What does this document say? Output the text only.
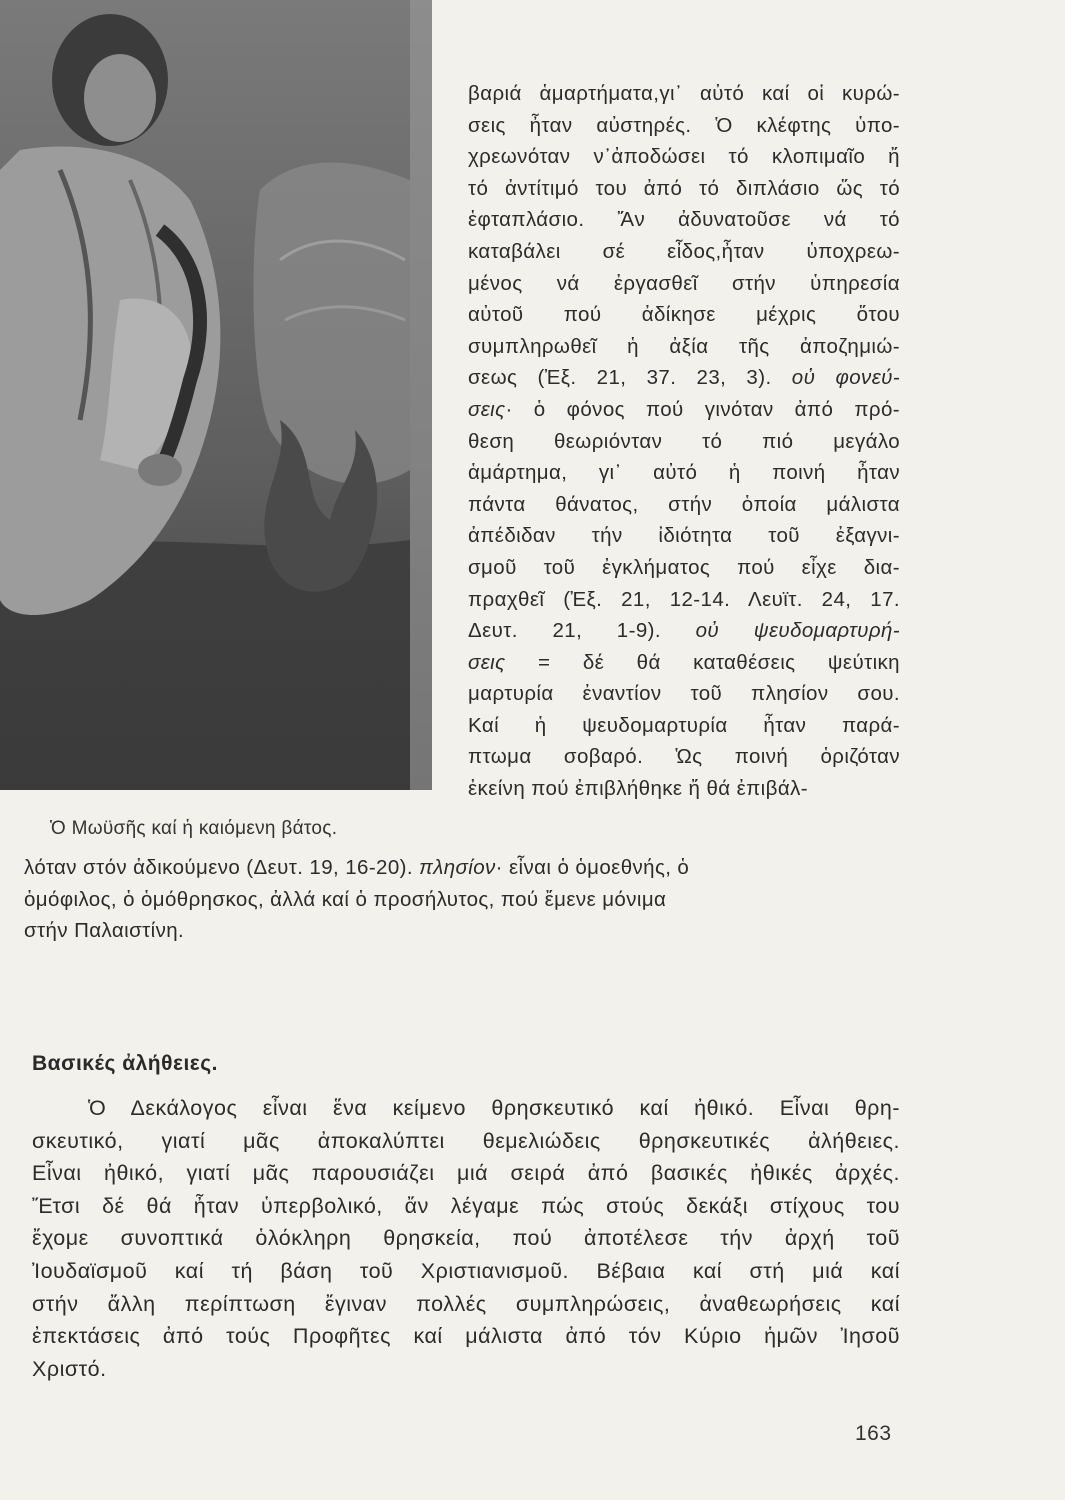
Ὁ Μωϋσῆς καί ἡ καιόμενη βάτος.
βαριά ἁμαρτήματα,γι᾽ αὐτό καί οἱ κυρώ-
σεις ἦταν αὐστηρές. Ὁ κλέφτης ὑπο-
χρεωνόταν ν᾽ἀποδώσει τό κλοπιμαῖο ἤ
τό ἀντίτιμό του ἀπό τό διπλάσιο ὥς τό
ἑφταπλάσιο. Ἄν ἀδυνατοῦσε νά τό
καταβάλει σέ εἶδος,ἦταν ὑποχρεω-
μένος νά ἐργασθεῖ στήν ὑπηρεσία
αὐτοῦ πού ἀδίκησε μέχρις ὅτου
συμπληρωθεῖ ἡ ἀξία τῆς ἀποζημιώ-
σεως (Ἐξ. 21, 37. 23, 3). οὐ φονεύ-
σεις· ὁ φόνος πού γινόταν ἀπό πρό-
θεση θεωριόνταν τό πιό μεγάλο
ἁμάρτημα, γι᾽ αὐτό ἡ ποινή ἦταν
πάντα θάνατος, στήν ὁποία μάλιστα
ἀπέδιδαν τήν ἰδιότητα τοῦ ἐξαγνι-
σμοῦ τοῦ ἐγκλήματος πού εἶχε δια-
πραχθεῖ (Ἐξ. 21, 12-14. Λευϊτ. 24, 17.
Δευτ. 21, 1-9). οὐ ψευδομαρτυρή-
σεις = δέ θά καταθέσεις ψεύτικη
μαρτυρία ἐναντίον τοῦ πλησίον σου.
Καί ἡ ψευδομαρτυρία ἦταν παρά-
πτωμα σοβαρό. Ὡς ποινή ὁριζόταν
ἐκείνη πού ἐπιβλήθηκε ἤ θά ἐπιβάλ-
λόταν στόν ἀδικούμενο (Δευτ. 19, 16-20). πλησίον· εἶναι ὁ ὁμοεθνής, ὁ
ὁμόφιλος, ὁ ὁμόθρησκος, ἀλλά καί ὁ προσήλυτος, πού ἔμενε μόνιμα
στήν Παλαιστίνη.
Βασικές ἀλήθειες.
Ὁ Δεκάλογος εἶναι ἕνα κείμενο θρησκευτικό καί ἠθικό. Εἶναι θρη-
σκευτικό, γιατί μᾶς ἀποκαλύπτει θεμελιώδεις θρησκευτικές ἀλήθειες.
Εἶναι ἠθικό, γιατί μᾶς παρουσιάζει μιά σειρά ἀπό βασικές ἠθικές ἀρχές.
Ἔτσι δέ θά ἦταν ὑπερβολικό, ἄν λέγαμε πώς στούς δεκάξι στίχους του
ἔχομε συνοπτικά ὁλόκληρη θρησκεία, πού ἀποτέλεσε τήν ἀρχή τοῦ
Ἰουδαϊσμοῦ καί τή βάση τοῦ Χριστιανισμοῦ. Βέβαια καί στή μιά καί
στήν ἄλλη περίπτωση ἔγιναν πολλές συμπληρώσεις, ἀναθεωρήσεις καί
ἐπεκτάσεις ἀπό τούς Προφῆτες καί μάλιστα ἀπό τόν Κύριο ἡμῶν Ἰησοῦ
Χριστό.
163
